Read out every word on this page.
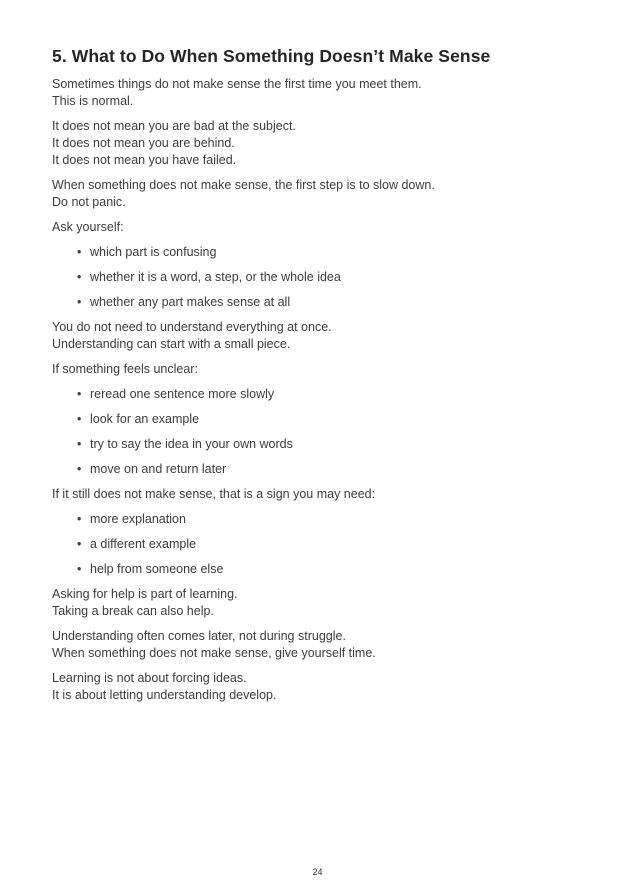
5. What to Do When Something Doesn’t Make Sense
Sometimes things do not make sense the first time you meet them.
This is normal.
It does not mean you are bad at the subject.
It does not mean you are behind.
It does not mean you have failed.
When something does not make sense, the first step is to slow down.
Do not panic.
Ask yourself:
• which part is confusing
• whether it is a word, a step, or the whole idea
• whether any part makes sense at all
You do not need to understand everything at once.
Understanding can start with a small piece.
If something feels unclear:
• reread one sentence more slowly
• look for an example
• try to say the idea in your own words
• move on and return later
If it still does not make sense, that is a sign you may need:
• more explanation
• a different example
• help from someone else
Asking for help is part of learning.
Taking a break can also help.
Understanding often comes later, not during struggle.
When something does not make sense, give yourself time.
Learning is not about forcing ideas.
It is about letting understanding develop.
24
